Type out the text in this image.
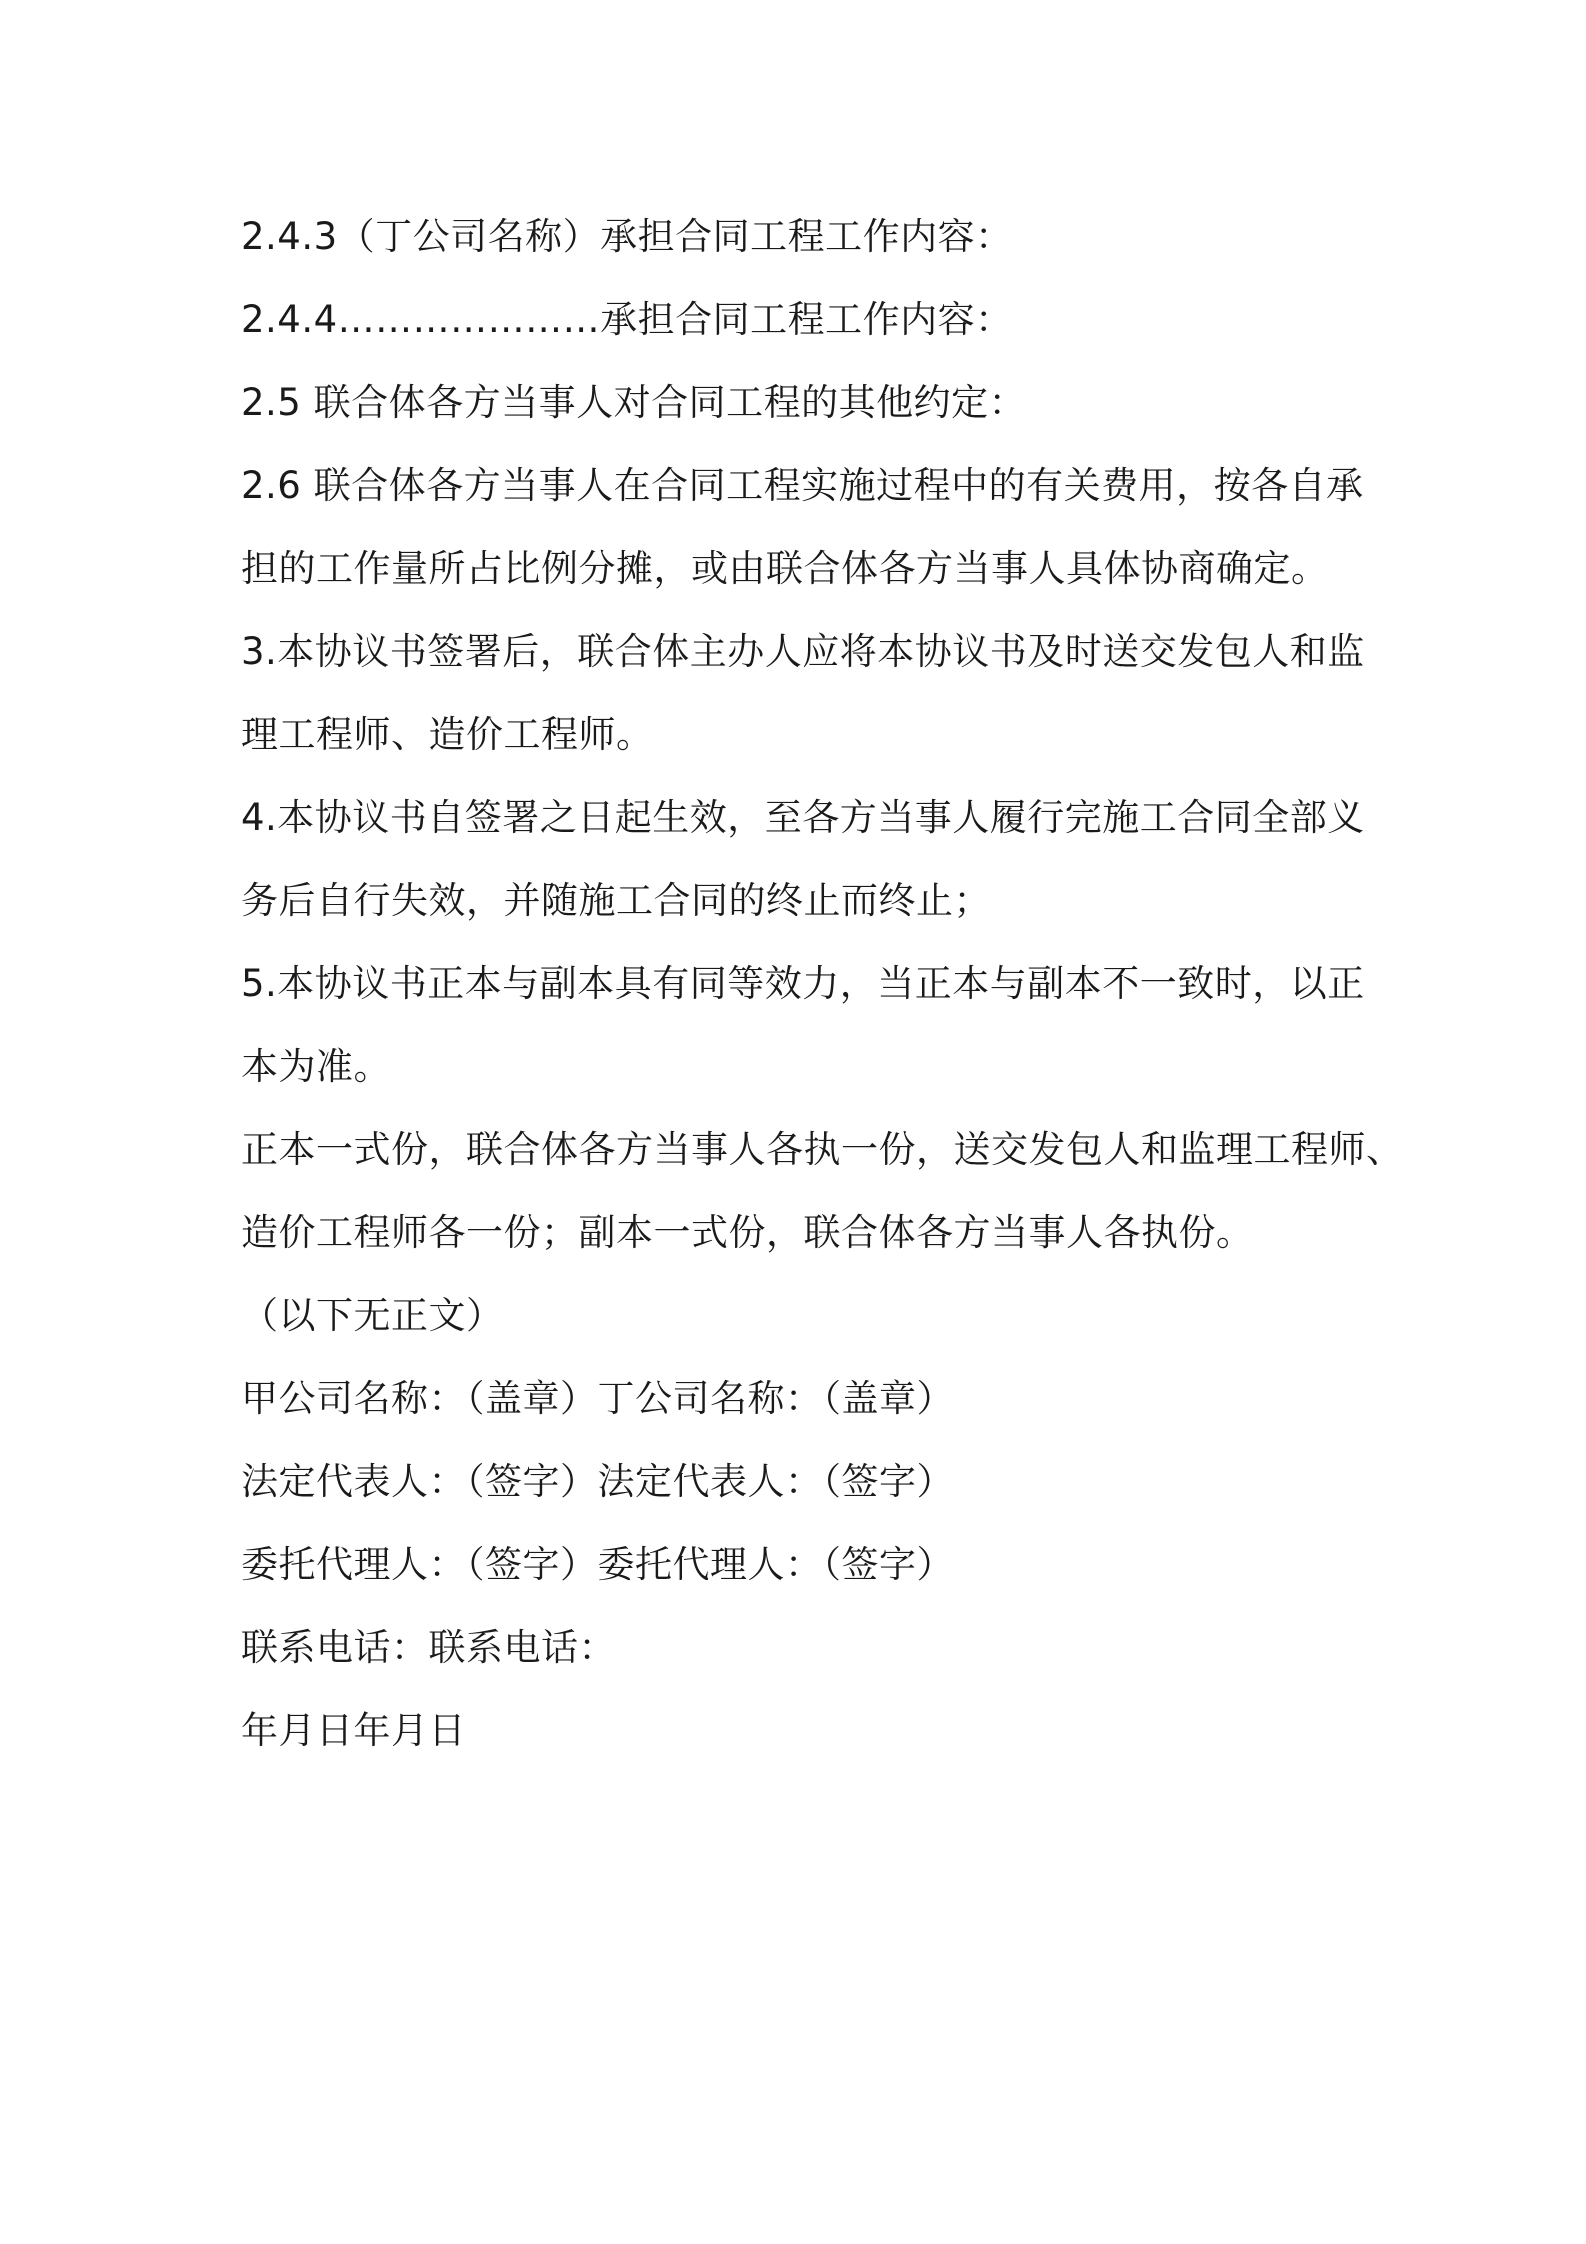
2.4.3（丁公司名称）承担合同工程工作内容：
2.4.4…………………承担合同工程工作内容：
2.5 联合体各方当事人对合同工程的其他约定：
2.6 联合体各方当事人在合同工程实施过程中的有关费用，按各自承
担的工作量所占比例分摊，或由联合体各方当事人具体协商确定。
3.本协议书签署后，联合体主办人应将本协议书及时送交发包人和监
理工程师、造价工程师。
4.本协议书自签署之日起生效，至各方当事人履行完施工合同全部义
务后自行失效，并随施工合同的终止而终止；
5.本协议书正本与副本具有同等效力，当正本与副本不一致时，以正
本为准。
正本一式份，联合体各方当事人各执一份，送交发包人和监理工程师、
造价工程师各一份；副本一式份，联合体各方当事人各执份。
（以下无正文）
甲公司名称：（盖章）丁公司名称：（盖章）
法定代表人：（签字）法定代表人：（签字）
委托代理人：（签字）委托代理人：（签字）
联系电话：联系电话：
年月日年月日
